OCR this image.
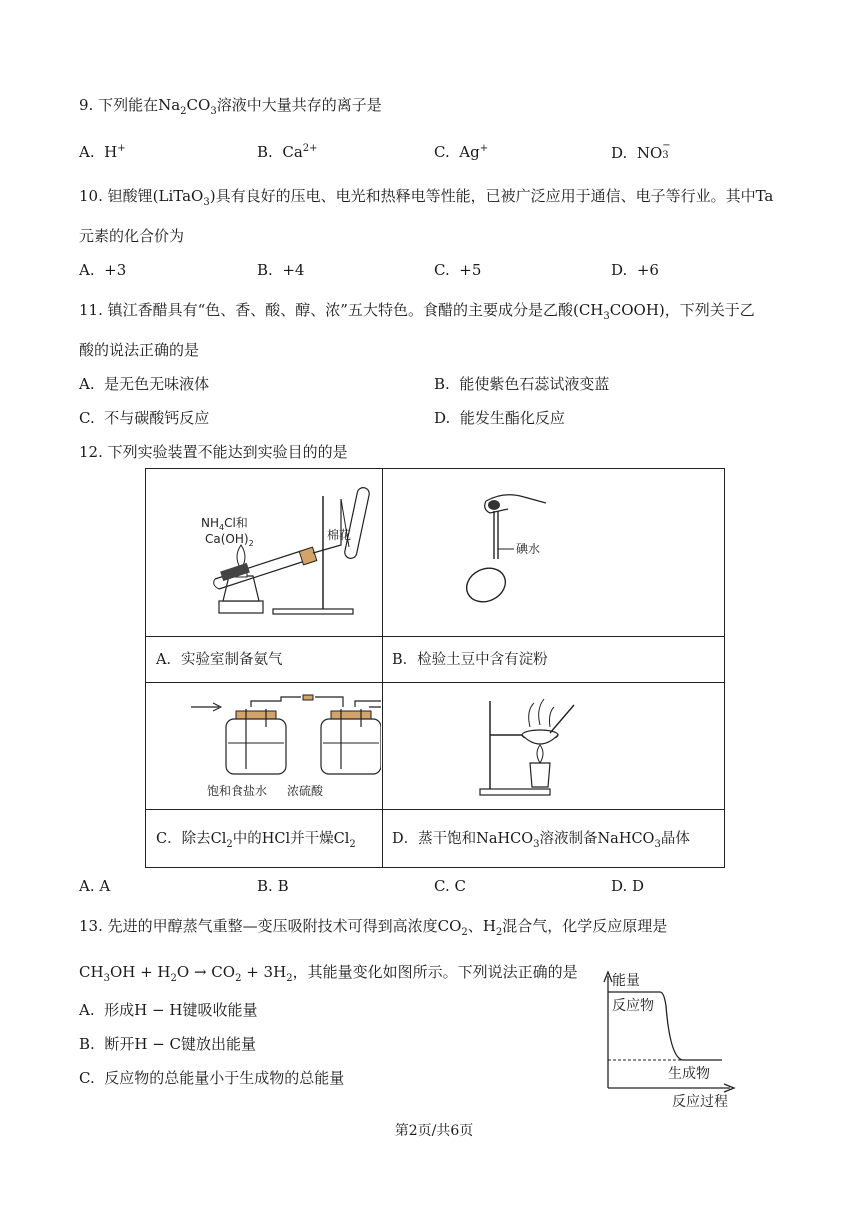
9. 下列能在$Na_2CO_3$溶液中大量共存的离子是
A. H+	B. $Ca^{2+}$	C. Ag+	D. NO −
3
10. 钽酸锂(LiTaO$_3$)具有良好的压电、电光和热释电等性能，已被广泛应用于通信、电子等行业。其中Ta
元素的化合价为
A. +3	B. +4	C. +5	D. +6
11. 镇江香醋具有“色、香、酸、醇、浓”五大特色。食醋的主要成分是乙酸$(CH_3COOH)$，下列关于乙
酸的说法正确的是
A. 是无色无味液体	B. 能使紫色石蕊试液变蓝
C. 不与碳酸钙反应	D. 能发生酯化反应
12. 下列实验装置不能达到实验目的的是
$NH_4Cl$和
$Ca(OH)_2$
棉花
碘水
A．实验室制备氨气	B．检验土豆中含有淀粉
饱和食盐水 浓硫酸
C．除去$Cl_2$中的HCl并干燥$Cl_2$	D．蒸干饱和NaHCO$_3$溶液制备NaHCO$_3$晶体
A. A	B. B	C. C	D. D
13. 先进的甲醇蒸气重整—变压吸附技术可得到高浓度$CO_2$、$H_2$混合气，化学反应原理是
$CH_3OH + H_2O \to CO_2 + 3H_2$，其能量变化如图所示。下列说法正确的是
A. 形成H − H键吸收能量
B. 断开H − C键放出能量
C. 反应物的总能量小于生成物的总能量
能量
反应物
生成物
反应过程
第2页/共6页
